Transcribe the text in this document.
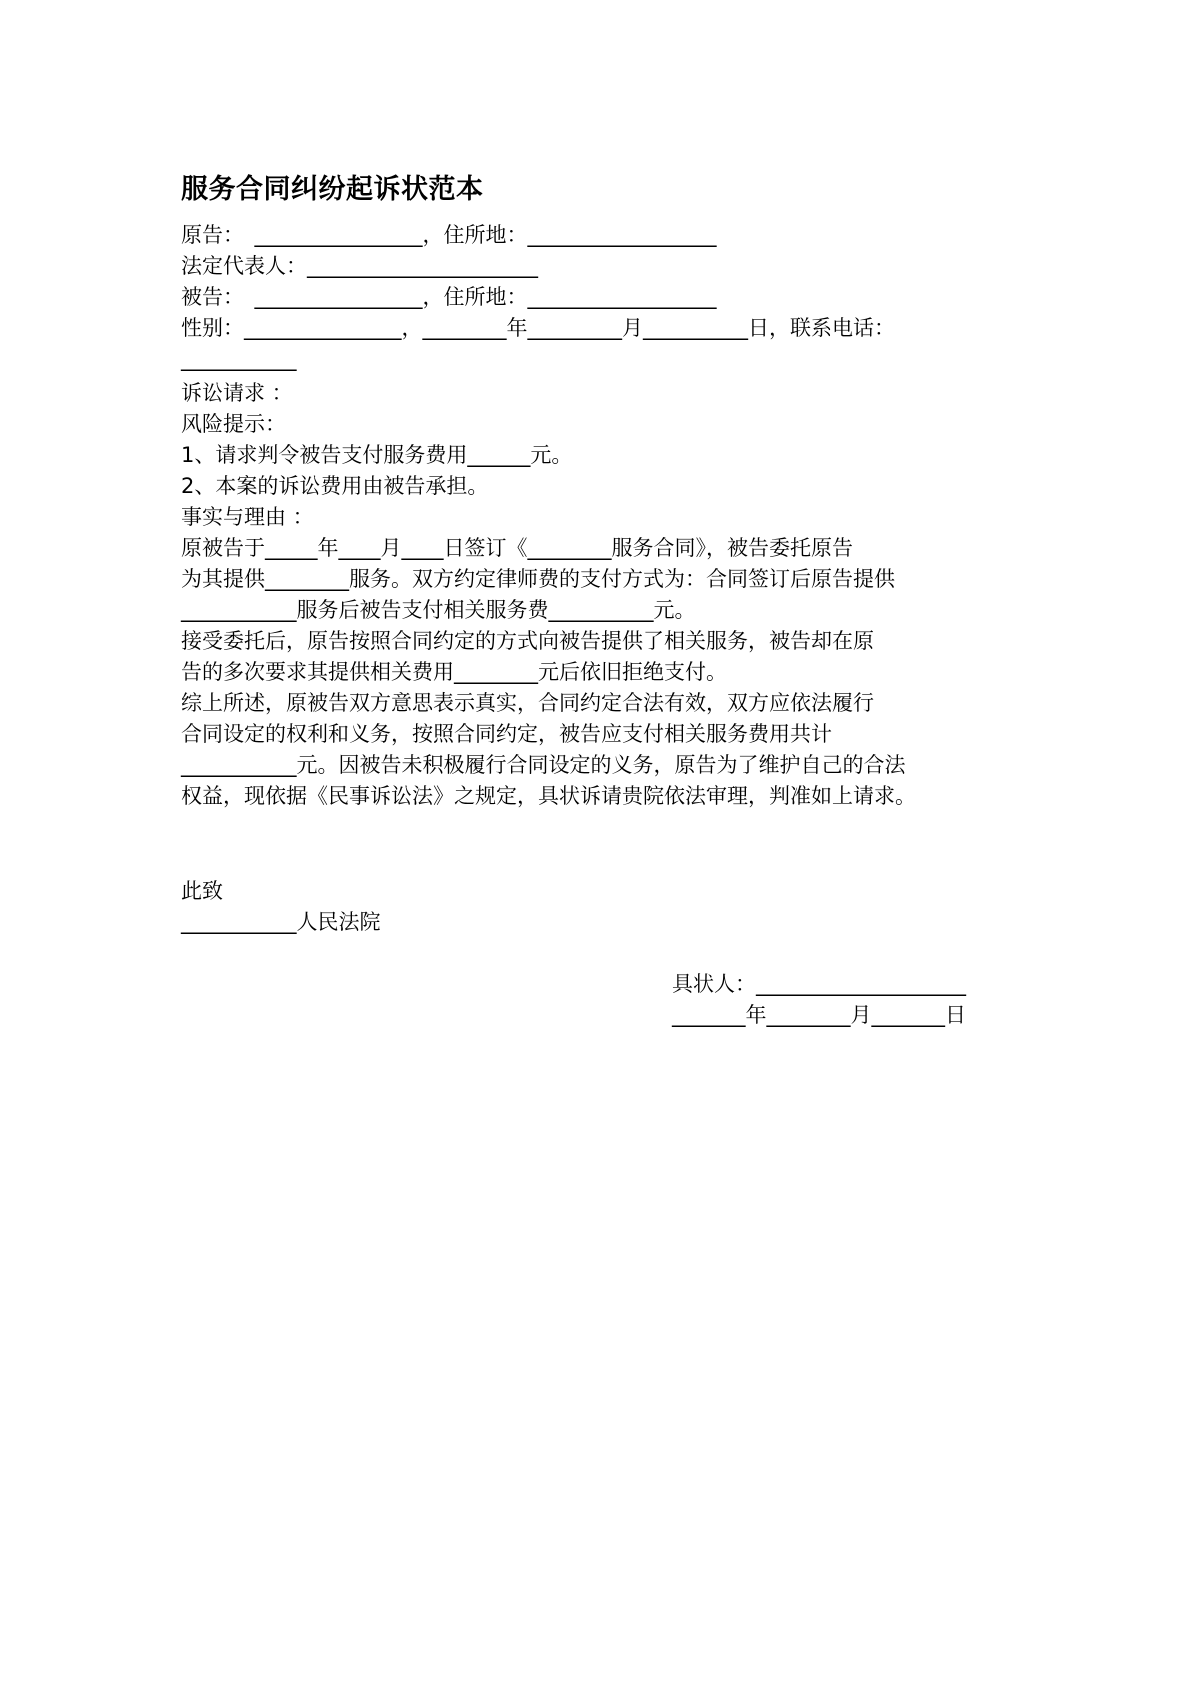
服务合同纠纷起诉状范本
原告：　________________，住所地：__________________
法定代表人：______________________
被告：　________________，住所地：__________________
性别：_______________，________年_________月__________日，联系电话：
___________
诉讼请求 ：
风险提示：
1、请求判令被告支付服务费用______元。
2、本案的诉讼费用由被告承担。
事实与理由 ：
原被告于_____年____月____日签订《________服务合同》，被告委托原告
为其提供________服务。双方约定律师费的支付方式为：合同签订后原告提供
___________服务后被告支付相关服务费__________元。
接受委托后，原告按照合同约定的方式向被告提供了相关服务，被告却在原
告的多次要求其提供相关费用________元后依旧拒绝支付。
综上所述，原被告双方意思表示真实，合同约定合法有效，双方应依法履行
合同设定的权利和义务，按照合同约定，被告应支付相关服务费用共计
___________元。因被告未积极履行合同设定的义务，原告为了维护自己的合法
权益，现依据《民事诉讼法》之规定，具状诉请贵院依法审理，判准如上请求。
此致
___________人民法院
具状人：____________________
_______年________月_______日
